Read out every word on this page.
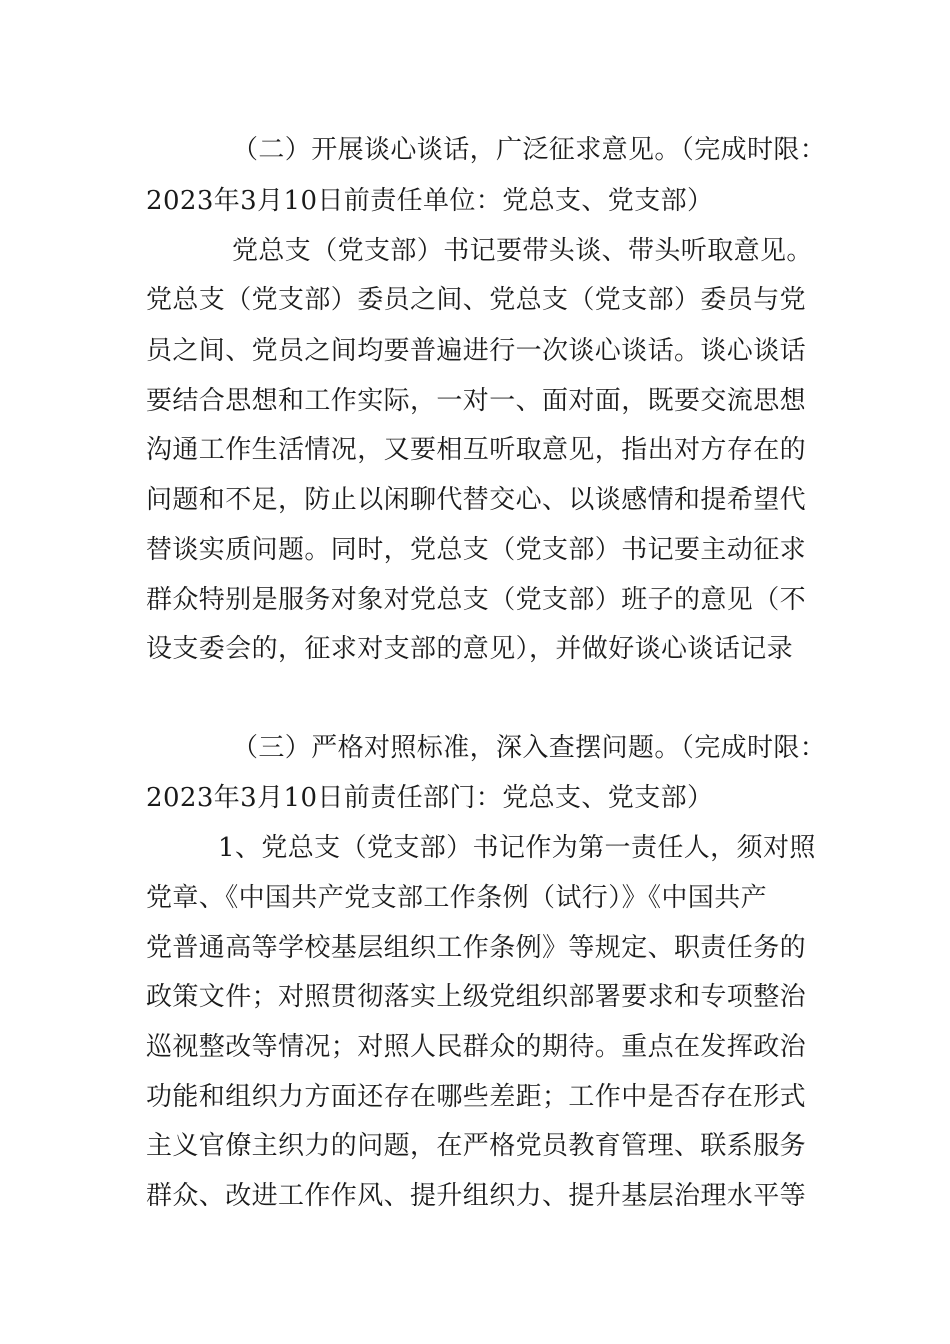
（二）开展谈心谈话，广泛征求意见。（完成时限：
2023年3月10日前责任单位：党总支、党支部）
党总支（党支部）书记要带头谈、带头听取意见。
党总支（党支部）委员之间、党总支（党支部）委员与党
员之间、党员之间均要普遍进行一次谈心谈话。谈心谈话
要结合思想和工作实际，一对一、面对面，既要交流思想
沟通工作生活情况，又要相互听取意见，指出对方存在的
问题和不足，防止以闲聊代替交心、以谈感情和提希望代
替谈实质问题。同时，党总支（党支部）书记要主动征求
群众特别是服务对象对党总支（党支部）班子的意见（不
设支委会的，征求对支部的意见），并做好谈心谈话记录
（三）严格对照标准，深入查摆问题。（完成时限：
2023年3月10日前责任部门：党总支、党支部）
1、党总支（党支部）书记作为第一责任人，须对照
党章、《中国共产党支部工作条例（试行）》《中国共产
党普通高等学校基层组织工作条例》等规定、职责任务的
政策文件；对照贯彻落实上级党组织部署要求和专项整治
巡视整改等情况；对照人民群众的期待。重点在发挥政治
功能和组织力方面还存在哪些差距；工作中是否存在形式
主义官僚主织力的问题，在严格党员教育管理、联系服务
群众、改进工作作风、提升组织力、提升基层治理水平等
